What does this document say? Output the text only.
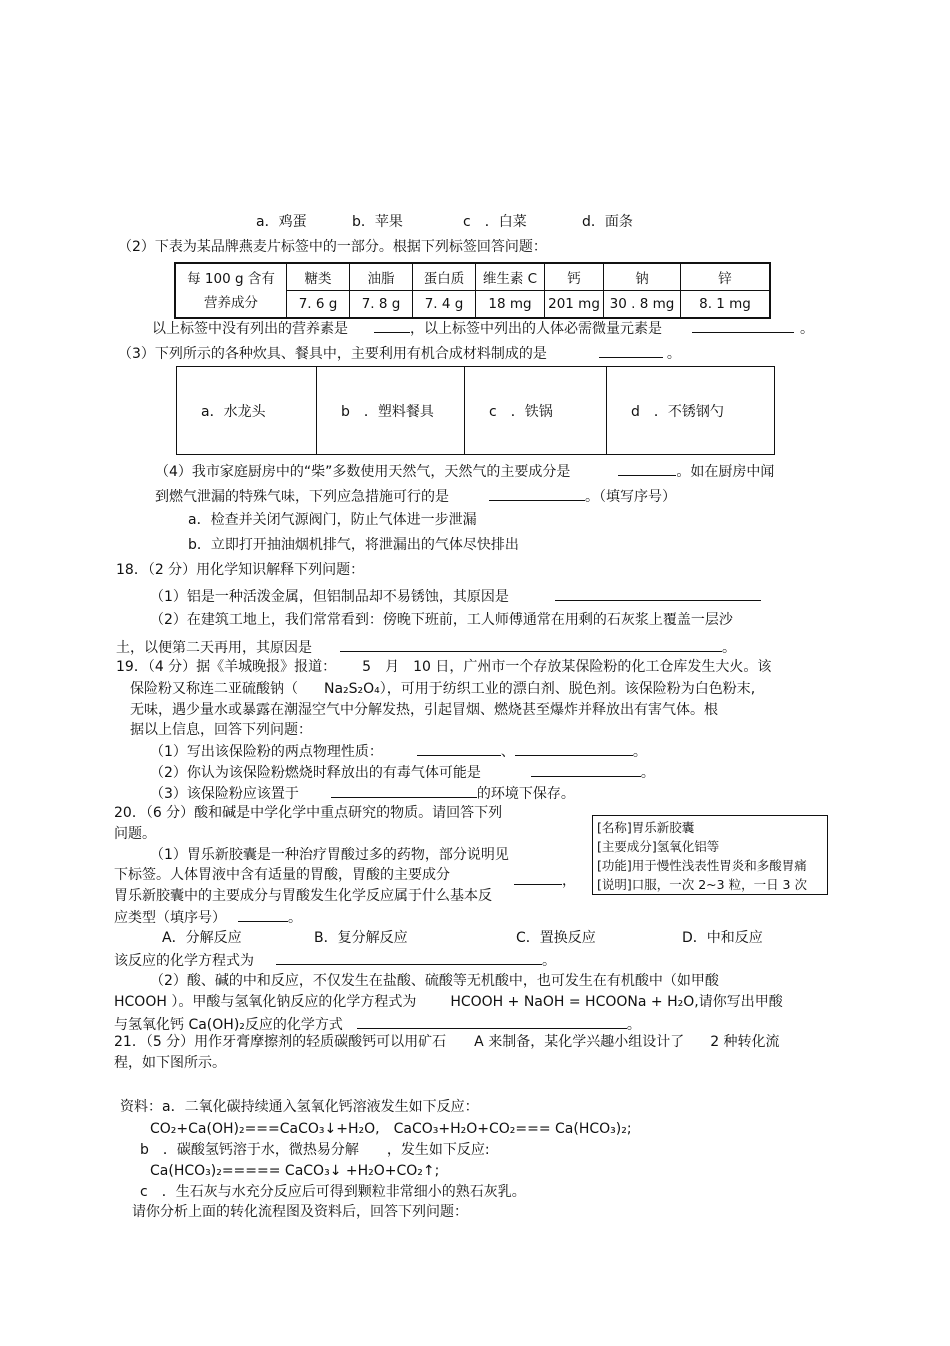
a．鸡蛋	b．苹果	c　．白菜	d．面条
（2）下表为某品牌燕麦片标签中的一部分。根据下列标签回答问题：
每 100 g 含有
营养成分	糖类	油脂	蛋白质	维生素 C	钙	钠	锌
	7. 6 g	7. 8 g	7. 4 g	18 mg	201 mg	30 . 8 mg	8. 1 mg
以上标签中没有列出的营养素是	，以上标签中列出的人体必需微量元素是	。
（3）下列所示的各种炊具、餐具中，主要利用有机合成材料制成的是	。
a．水龙头	b　．塑料餐具	c　．铁锅	d　．不锈钢勺
（4）我市家庭厨房中的“柴”多数使用天然气，天然气的主要成分是	。如在厨房中闻
到燃气泄漏的特殊气味，下列应急措施可行的是	。（填写序号）
a．检查并关闭气源阀门，防止气体进一步泄漏
b．立即打开抽油烟机排气，将泄漏出的气体尽快排出
18．（2 分）用化学知识解释下列问题：
（1）铝是一种活泼金属，但铝制品却不易锈蚀，其原因是
（2）在建筑工地上，我们常常看到：傍晚下班前，工人师傅通常在用剩的石灰浆上覆盖一层沙
土，以便第二天再用，其原因是	。
19．（4 分）据《羊城晚报》报道： 5　月　10 日，广州市一个存放某保险粉的化工仓库发生大火。该
保险粉又称连二亚硫酸钠（ Na₂S₂O₄），可用于纺织工业的漂白剂、脱色剂。该保险粉为白色粉末,
无味，遇少量水或暴露在潮湿空气中分解发热，引起冒烟、燃烧甚至爆炸并释放出有害气体。根
据以上信息，回答下列问题：
（1）写出该保险粉的两点物理性质：	、	。
（2）你认为该保险粉燃烧时释放出的有毒气体可能是	。
（3）该保险粉应该置于	的环境下保存。
20．（6 分）酸和碱是中学化学中重点研究的物质。请回答下列
问题。
（1）胃乐新胶囊是一种治疗胃酸过多的药物，部分说明见
下标签。人体胃液中含有适量的胃酸，胃酸的主要成分	，
胃乐新胶囊中的主要成分与胃酸发生化学反应属于什么基本反
应类型（填序号）	。
[名称]胃乐新胶囊
[主要成分]氢氧化铝等
[功能]用于慢性浅表性胃炎和多酸胃痛
[说明]口服，一次 2~3 粒，一日 3 次
A．分解反应	B．复分解反应	C．置换反应	D．中和反应
该反应的化学方程式为	。
（2）酸、碱的中和反应，不仅发生在盐酸、硫酸等无机酸中，也可发生在有机酸中（如甲酸
HCOOH ）。甲酸与氢氧化钠反应的化学方程式为 HCOOH + NaOH = HCOONa + H₂O,请你写出甲酸
与氢氧化钙 Ca(OH)₂反应的化学方式	。
21．（5 分）用作牙膏摩擦剂的轻质碳酸钙可以用矿石 A 来制备，某化学兴趣小组设计了 2 种转化流
程，如下图所示。
资料：a．二氧化碳持续通入氢氧化钙溶液发生如下反应：
CO₂+Ca(OH)₂===CaCO₃↓+H₂O,　CaCO₃+H₂O+CO₂=== Ca(HCO₃)₂;
b　．碳酸氢钙溶于水，微热易分解　　，发生如下反应:
Ca(HCO₃)₂===== CaCO₃↓ +H₂O+CO₂↑;
c　．生石灰与水充分反应后可得到颗粒非常细小的熟石灰乳。
请你分析上面的转化流程图及资料后，回答下列问题：
